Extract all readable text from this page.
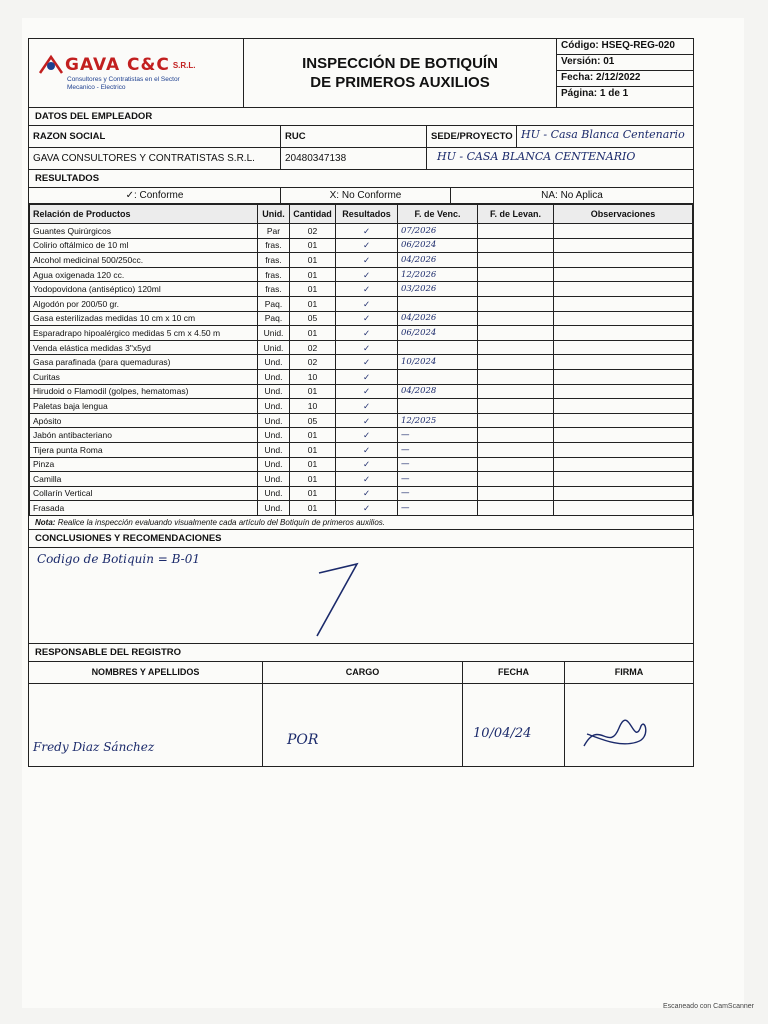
GAVA C&C S.R.L.
Consultores y Contratistas en el Sector
Mecanico - Electrico
INSPECCIÓN DE BOTIQUÍN
DE PRIMEROS AUXILIOS
Código: HSEQ-REG-020
Versión: 01
Fecha: 2/12/2022
Página: 1 de 1
DATOS DEL EMPLEADOR
RAZON SOCIAL	RUC	SEDE/PROYECTO HU - Casa Blanca Centenario
GAVA CONSULTORES Y CONTRATISTAS S.R.L.	20480347138	HU - CASA BLANCA CENTENARIO
RESULTADOS
✓: Conforme	X: No Conforme	NA: No Aplica
Relación de Productos	Unid.	Cantidad	Resultados	F. de Venc.	F. de Levan.	Observaciones
Guantes Quirúrgicos	Par	02	✓	07/2026		
Colirio oftálmico de 10 ml	fras.	01	✓	06/2024		
Alcohol medicinal 500/250cc.	fras.	01	✓	04/2026		
Agua oxigenada 120 cc.	fras.	01	✓	12/2026		
Yodopovidona (antiséptico) 120ml	fras.	01	✓	03/2026		
Algodón por 200/50 gr.	Paq.	01	✓			
Gasa esterilizadas medidas 10 cm x 10 cm	Paq.	05	✓	04/2026		
Esparadrapo hipoalérgico medidas 5 cm x 4.50 m	Unid.	01	✓	06/2024		
Venda elástica medidas 3"x5yd	Unid.	02	✓			
Gasa parafinada (para quemaduras)	Und.	02	✓	10/2024		
Curitas	Und.	10	✓			
Hirudoid o Flamodil (golpes, hematomas)	Und.	01	✓	04/2028		
Paletas baja lengua	Und.	10	✓			
Apósito	Und.	05	✓	12/2025		
Jabón antibacteriano	Und.	01	✓	—		
Tijera punta Roma	Und.	01	✓	—		
Pinza	Und.	01	✓	—		
Camilla	Und.	01	✓	—		
Collarín Vertical	Und.	01	✓	—		
Frasada	Und.	01	✓	—		
Nota:
Realice la inspección evaluando visualmente cada artículo del Botiquín de primeros auxilios.
CONCLUSIONES Y RECOMENDACIONES
Codigo de Botiquin = B-01
RESPONSABLE DEL REGISTRO
NOMBRES Y APELLIDOS	CARGO	FECHA	FIRMA
Fredy Diaz Sánchez	POR	10/04/24
Escaneado con CamScanner
